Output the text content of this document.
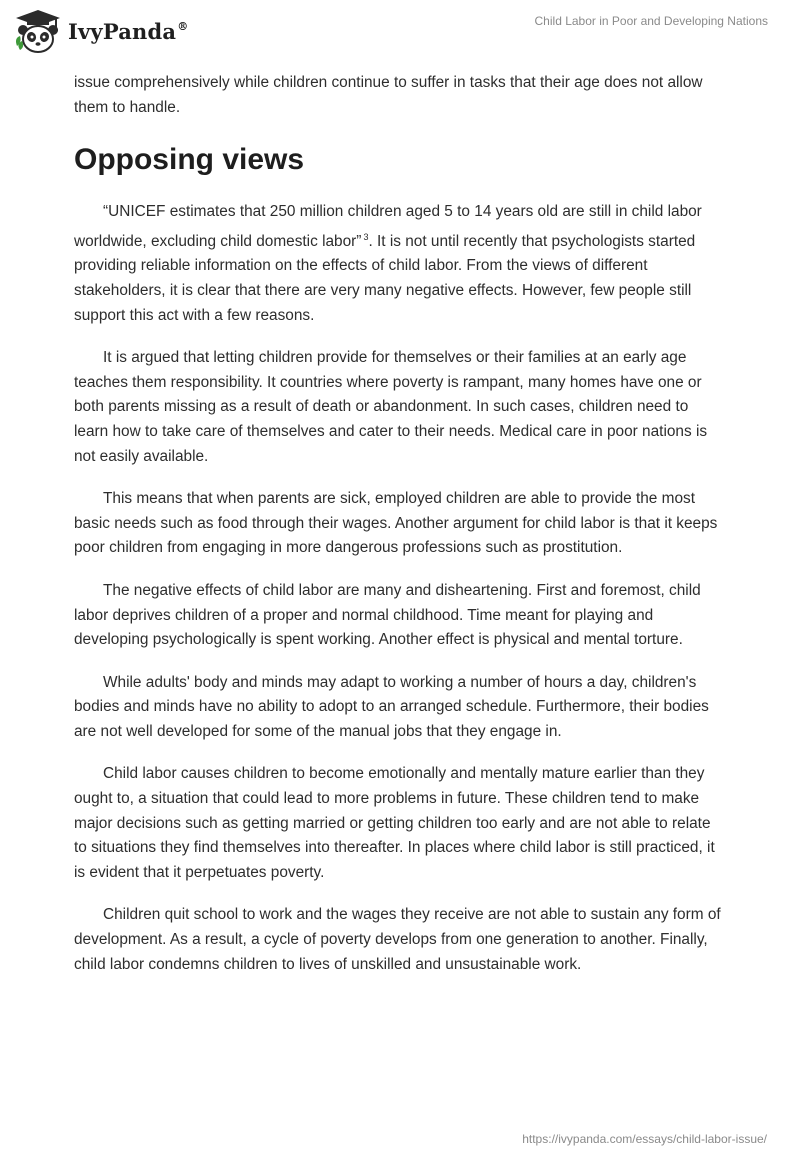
IvyPanda®	Child Labor in Poor and Developing Nations

issue comprehensively while children continue to suffer in tasks that their age does not allow them to handle.

Opposing views

“UNICEF estimates that 250 million children aged 5 to 14 years old are still in child labor worldwide, excluding child domestic labor” $^3$. It is not until recently that psychologists started providing reliable information on the effects of child labor. From the views of different stakeholders, it is clear that there are very many negative effects. However, few people still support this act with a few reasons.

It is argued that letting children provide for themselves or their families at an early age teaches them responsibility. It countries where poverty is rampant, many homes have one or both parents missing as a result of death or abandonment. In such cases, children need to learn how to take care of themselves and cater to their needs. Medical care in poor nations is not easily available.

This means that when parents are sick, employed children are able to provide the most basic needs such as food through their wages. Another argument for child labor is that it keeps poor children from engaging in more dangerous professions such as prostitution.

The negative effects of child labor are many and disheartening. First and foremost, child labor deprives children of a proper and normal childhood. Time meant for playing and developing psychologically is spent working. Another effect is physical and mental torture.

While adults' body and minds may adapt to working a number of hours a day, children's bodies and minds have no ability to adopt to an arranged schedule. Furthermore, their bodies are not well developed for some of the manual jobs that they engage in.

Child labor causes children to become emotionally and mentally mature earlier than they ought to, a situation that could lead to more problems in future. These children tend to make major decisions such as getting married or getting children too early and are not able to relate to situations they find themselves into thereafter. In places where child labor is still practiced, it is evident that it perpetuates poverty.

Children quit school to work and the wages they receive are not able to sustain any form of development. As a result, a cycle of poverty develops from one generation to another. Finally, child labor condemns children to lives of unskilled and unsustainable work.

https://ivypanda.com/essays/child-labor-issue/
